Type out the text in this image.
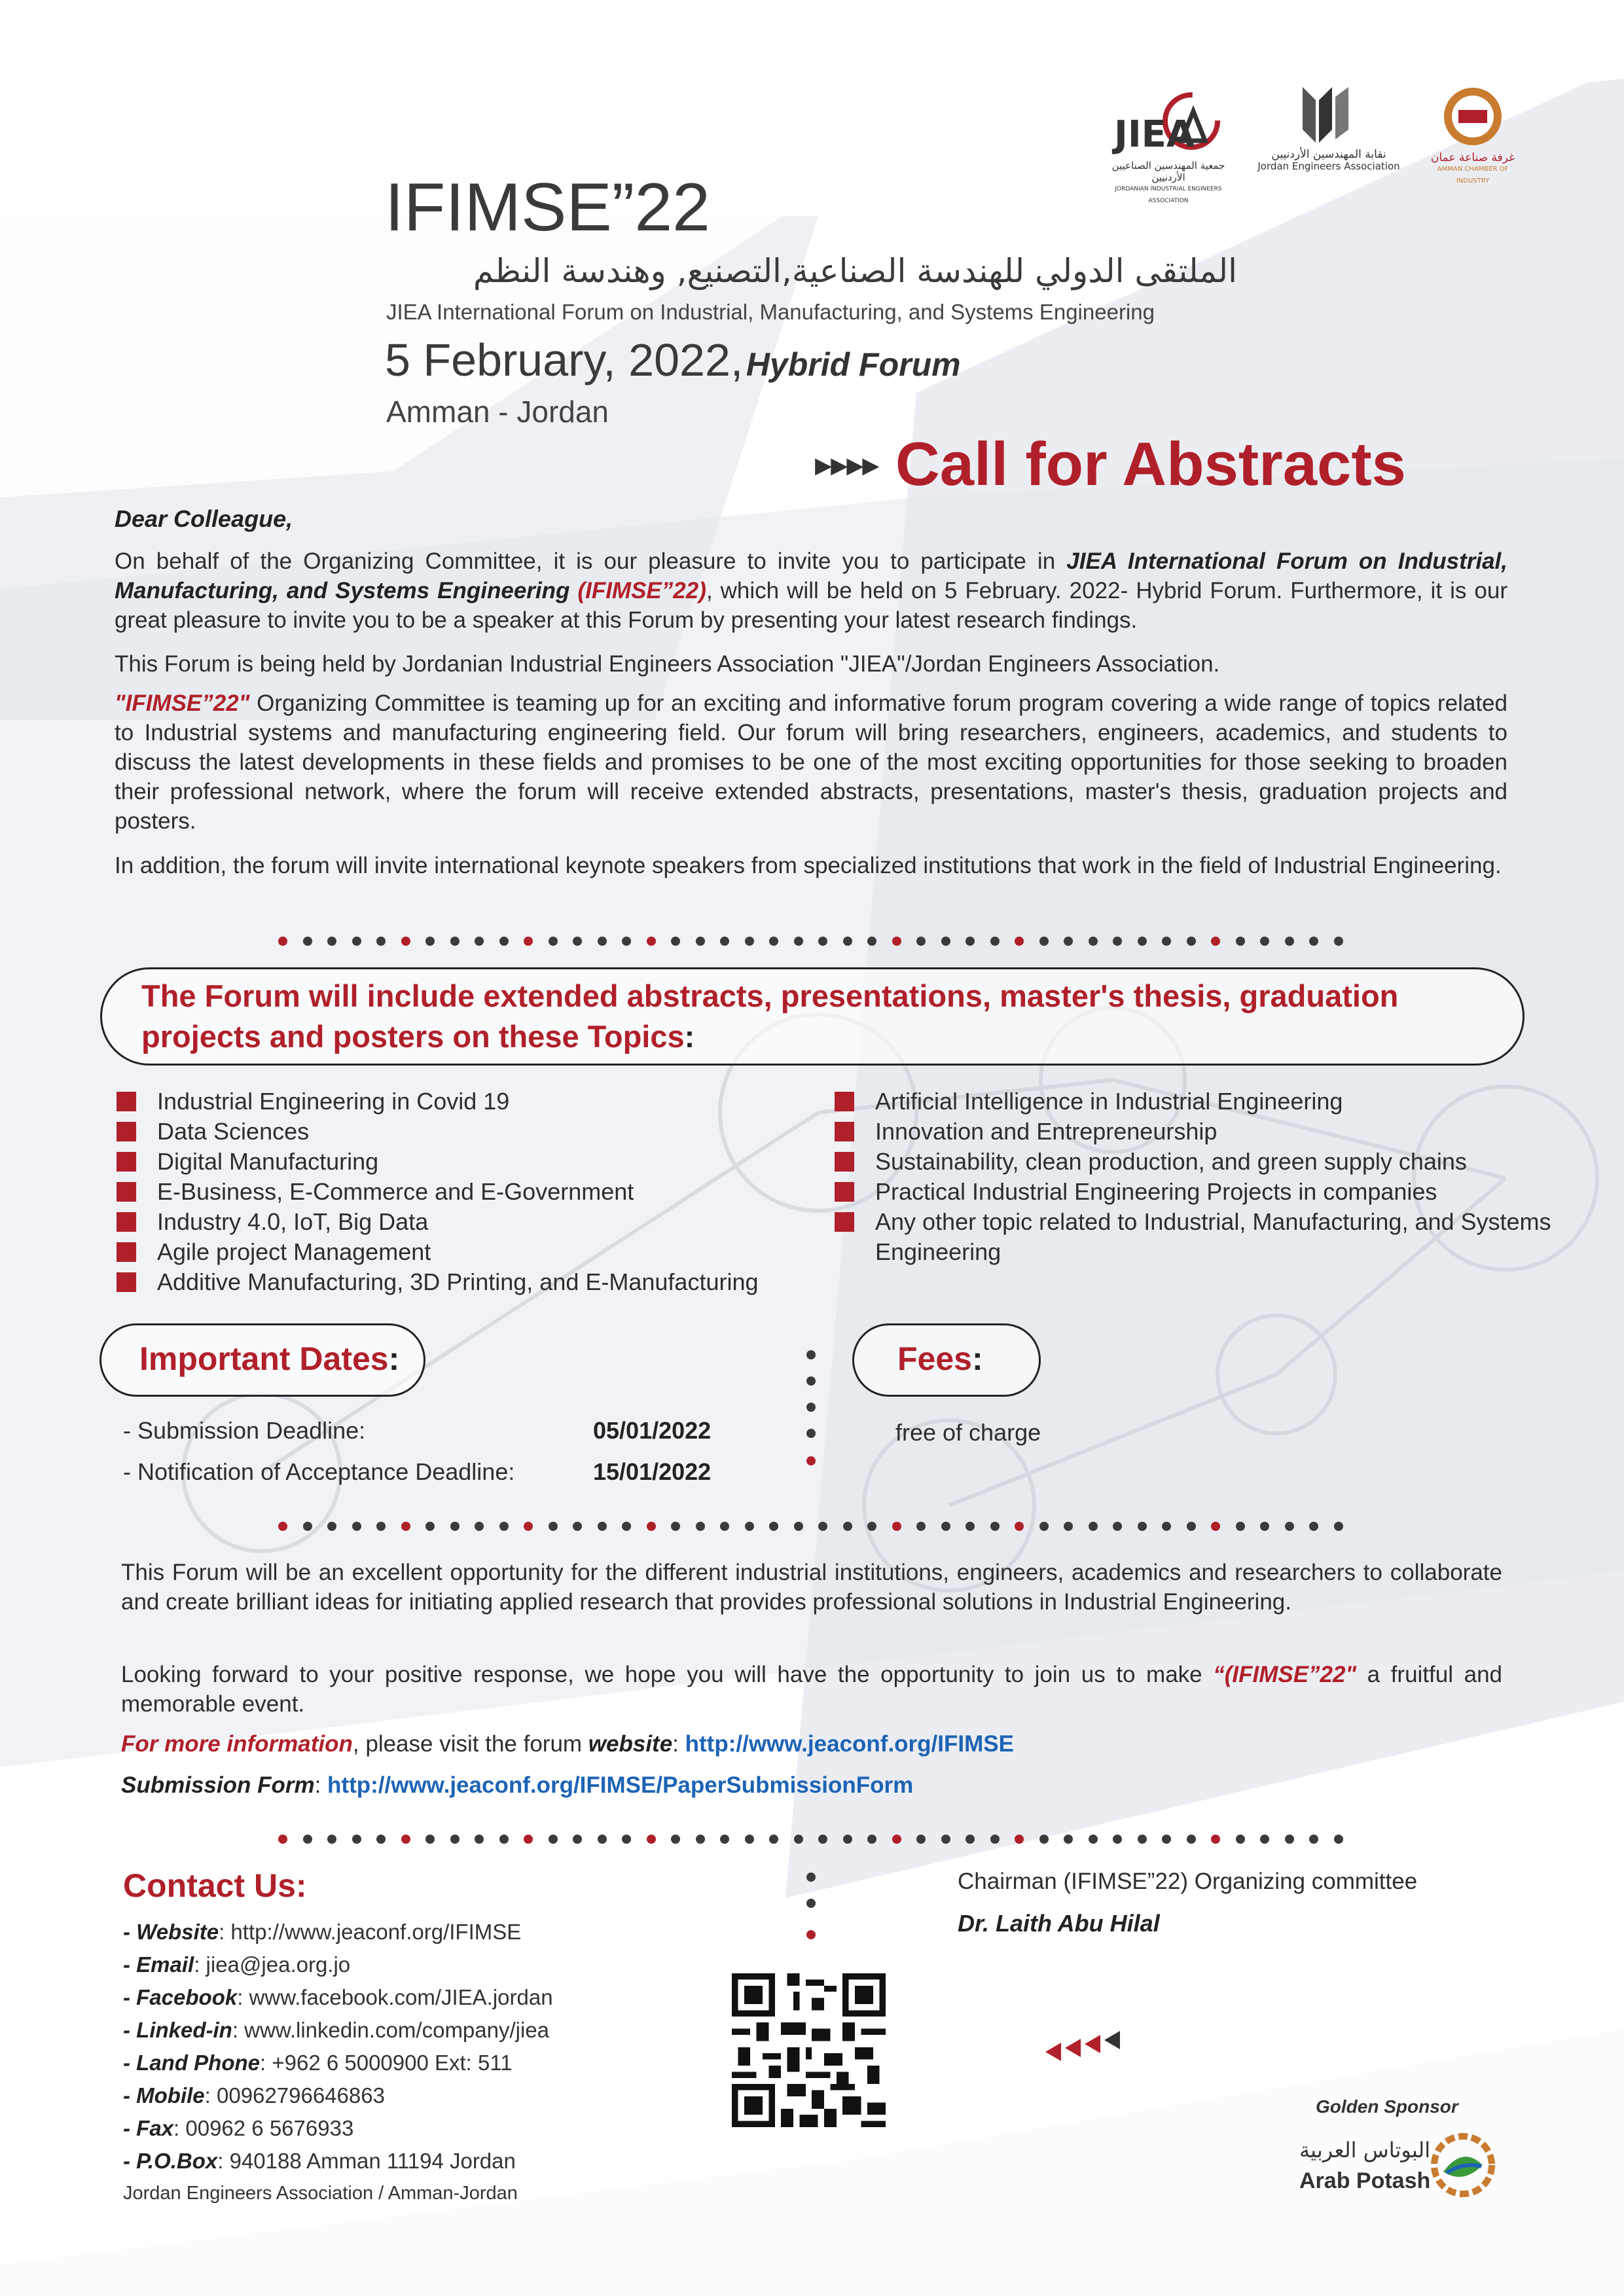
JIEA
جمعية المهندسين الصناعيين الأردنيين
JORDANIAN INDUSTRIAL ENGINEERS ASSOCIATION
نقابة المهندسين الأردنيين
Jordan Engineers Association
غرفة صناعة عمان
AMMAN CHAMBER OF INDUSTRY
IFIMSE”22
الملتقى الدولي للهندسة الصناعية,التصنيع, وهندسة النظم
JIEA International Forum on Industrial, Manufacturing, and Systems Engineering
5 February, 2022, Hybrid Forum
Amman - Jordan
▸▸▸▸ Call for Abstracts
Dear Colleague,
On behalf of the Organizing Committee, it is our pleasure to invite you to participate in JIEA International Forum on Industrial, Manufacturing, and Systems Engineering (IFIMSE”22), which will be held on 5 February. 2022- Hybrid Forum. Furthermore, it is our great pleasure to invite you to be a speaker at this Forum by presenting your latest research findings.
This Forum is being held by Jordanian Industrial Engineers Association "JIEA"/Jordan Engineers Association.
"IFIMSE”22" Organizing Committee is teaming up for an exciting and informative forum program covering a wide range of topics related to Industrial systems and manufacturing engineering field. Our forum will bring researchers, engineers, academics, and students to discuss the latest developments in these fields and promises to be one of the most exciting opportunities for those seeking to broaden their professional network, where the forum will receive extended abstracts, presentations, master's thesis, graduation projects and posters.
In addition, the forum will invite international keynote speakers from specialized institutions that work in the field of Industrial Engineering.
The Forum will include extended abstracts, presentations, master's thesis, graduation projects and posters on these Topics:
Industrial Engineering in Covid 19
Data Sciences
Digital Manufacturing
E-Business, E-Commerce and E-Government
Industry 4.0, IoT, Big Data
Agile project Management
Additive Manufacturing, 3D Printing, and E-Manufacturing
Artificial Intelligence in Industrial Engineering
Innovation and Entrepreneurship
Sustainability, clean production, and green supply chains
Practical Industrial Engineering Projects in companies
Any other topic related to Industrial, Manufacturing, and Systems Engineering
Important Dates:
- Submission Deadline:	05/01/2022
- Notification of Acceptance Deadline:	15/01/2022
Fees:
free of charge
This Forum will be an excellent opportunity for the different industrial institutions, engineers, academics and researchers to collaborate and create brilliant ideas for initiating applied research that provides professional solutions in Industrial Engineering.
Looking forward to your positive response, we hope you will have the opportunity to join us to make “(IFIMSE”22" a fruitful and memorable event.
For more information, please visit the forum website: http://www.jeaconf.org/IFIMSE
Submission Form: http://www.jeaconf.org/IFIMSE/PaperSubmissionForm
Contact Us:
- Website: http://www.jeaconf.org/IFIMSE
- Email: jiea@jea.org.jo
- Facebook: www.facebook.com/JIEA.jordan
- Linked-in: www.linkedin.com/company/jiea
- Land Phone: +962 6 5000900 Ext: 511
- Mobile: 00962796646863
- Fax: 00962 6 5676933
- P.O.Box: 940188 Amman 11194 Jordan
Jordan Engineers Association / Amman-Jordan
Chairman (IFIMSE”22) Organizing committee
Dr. Laith Abu Hilal
Golden Sponsor
البوتاس العربية
Arab Potash
